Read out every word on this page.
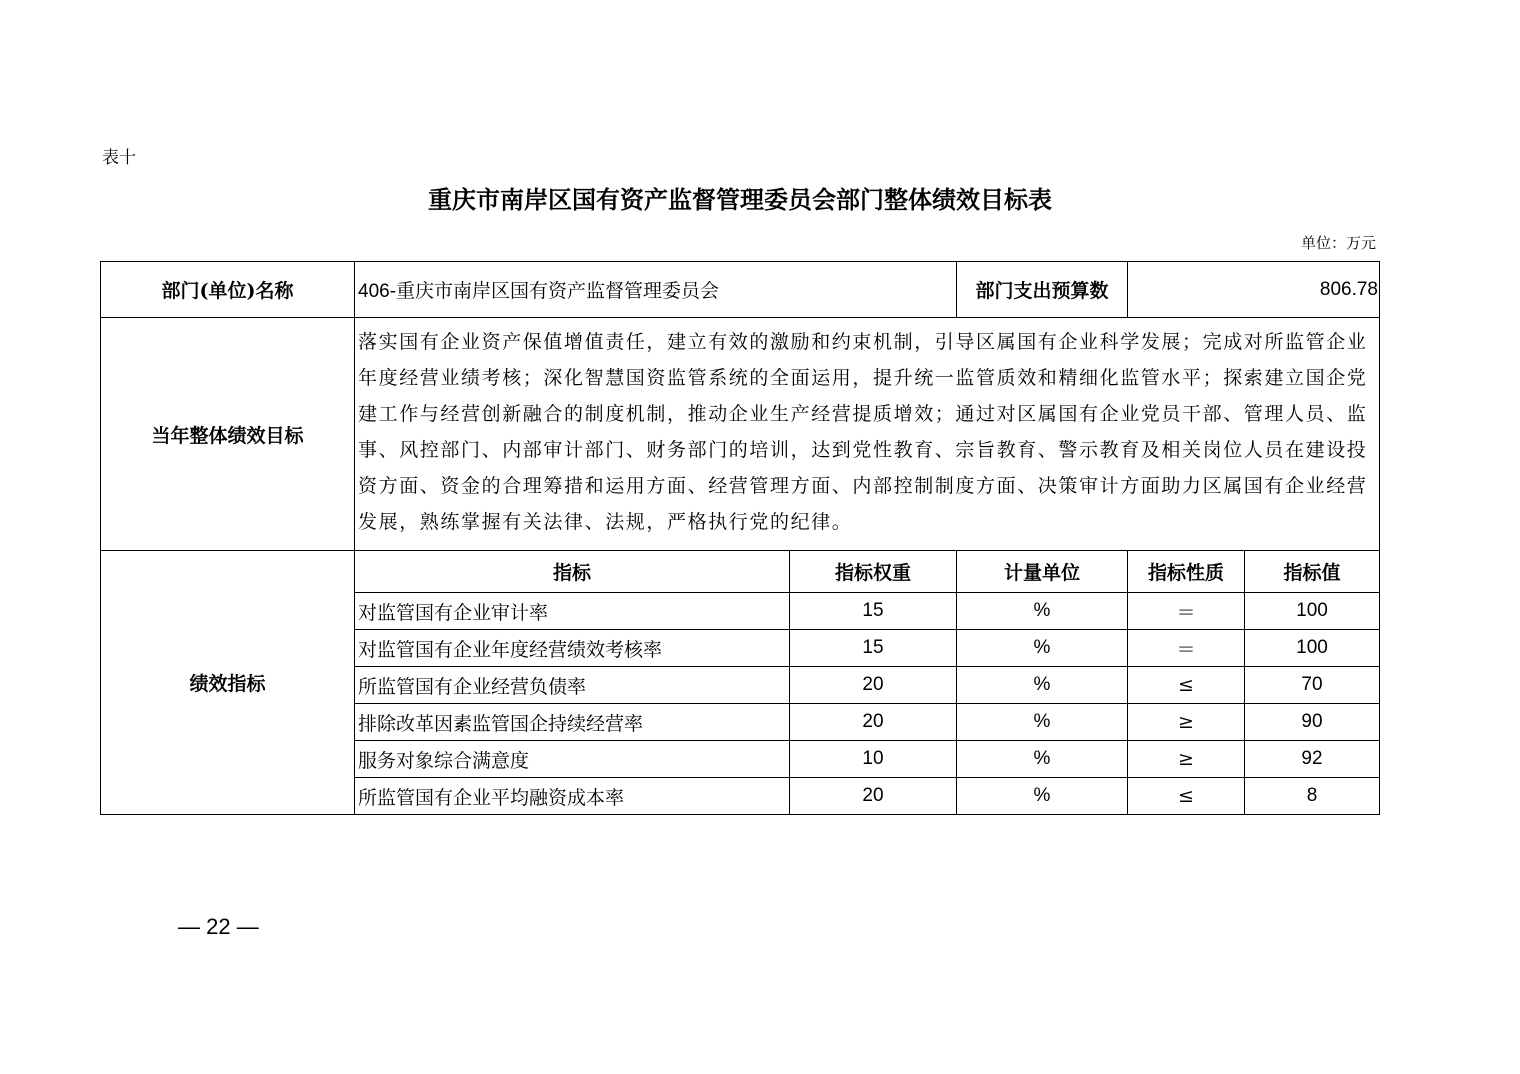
表十
重庆市南岸区国有资产监督管理委员会部门整体绩效目标表
单位：万元
部门(单位)名称	406-重庆市南岸区国有资产监督管理委员会		部门支出预算数	806.78	
当年整体绩效目标	落实国有企业资产保值增值责任，建立有效的激励和约束机制，引导区属国有企业科学发展；完成对所监管企业年度经营业绩考核；深化智慧国资监管系统的全面运用，提升统一监管质效和精细化监管水平；探索建立国企党建工作与经营创新融合的制度机制，推动企业生产经营提质增效；通过对区属国有企业党员干部、管理人员、监事、风控部门、内部审计部门、财务部门的培训，达到党性教育、宗旨教育、警示教育及相关岗位人员在建设投资方面、资金的合理筹措和运用方面、经营管理方面、内部控制制度方面、决策审计方面助力区属国有企业经营发展，熟练掌握有关法律、法规，严格执行党的纪律。				
绩效指标	指标	指标权重	计量单位	指标性质	指标值
	对监管国有企业审计率	15	%	＝	100
	对监管国有企业年度经营绩效考核率	15	%	＝	100
	所监管国有企业经营负债率	20	%	≤	70
	排除改革因素监管国企持续经营率	20	%	≥	90
	服务对象综合满意度	10	%	≥	92
	所监管国有企业平均融资成本率	20	%	≤	8
— 22 —
